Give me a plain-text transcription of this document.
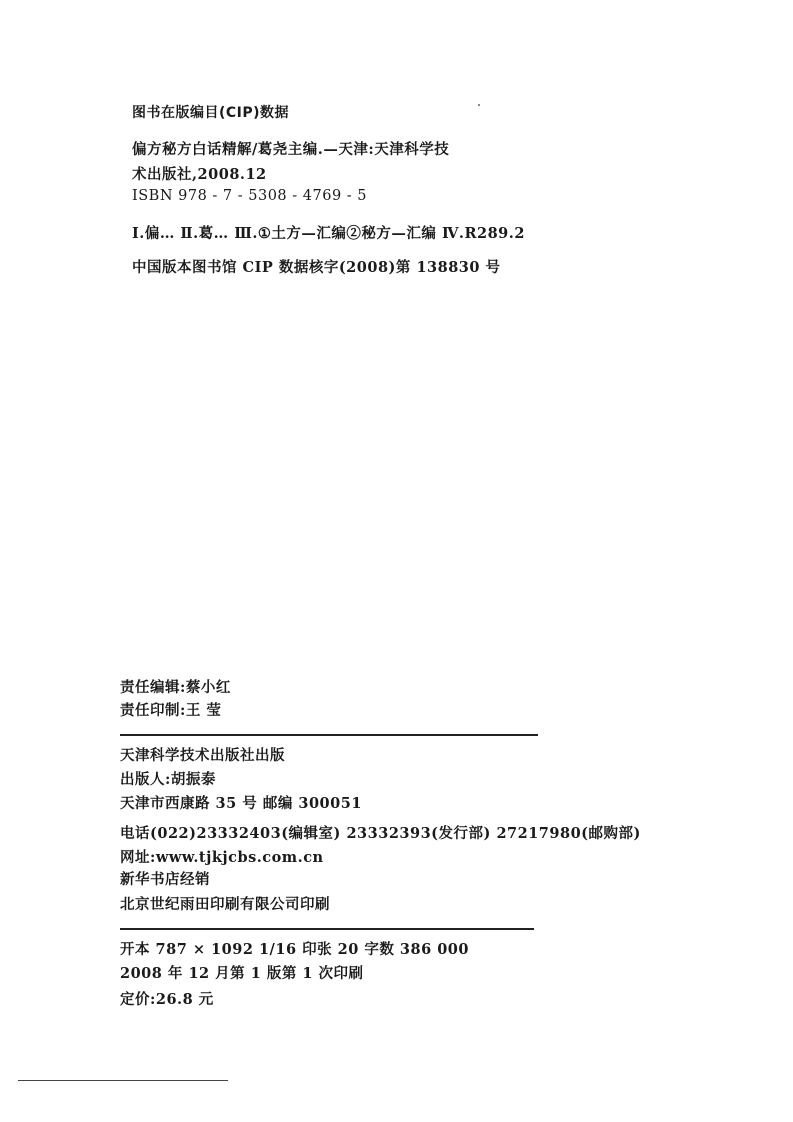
图书在版编目(CIP)数据
偏方秘方白话精解/葛尧主编.—天津:天津科学技
术出版社,2008.12
ISBN 978 - 7 - 5308 - 4769 - 5
Ⅰ.偏… Ⅱ.葛… Ⅲ.①土方—汇编②秘方—汇编 Ⅳ.R289.2
中国版本图书馆 CIP 数据核字(2008)第 138830 号
责任编辑:蔡小红
责任印制:王 莹
天津科学技术出版社出版
出版人:胡振泰
天津市西康路 35 号 邮编 300051
电话(022)23332403(编辑室) 23332393(发行部) 27217980(邮购部)
网址:www.tjkjcbs.com.cn
新华书店经销
北京世纪雨田印刷有限公司印刷
开本 787 × 1092 1/16 印张 20 字数 386 000
2008 年 12 月第 1 版第 1 次印刷
定价:26.8 元
